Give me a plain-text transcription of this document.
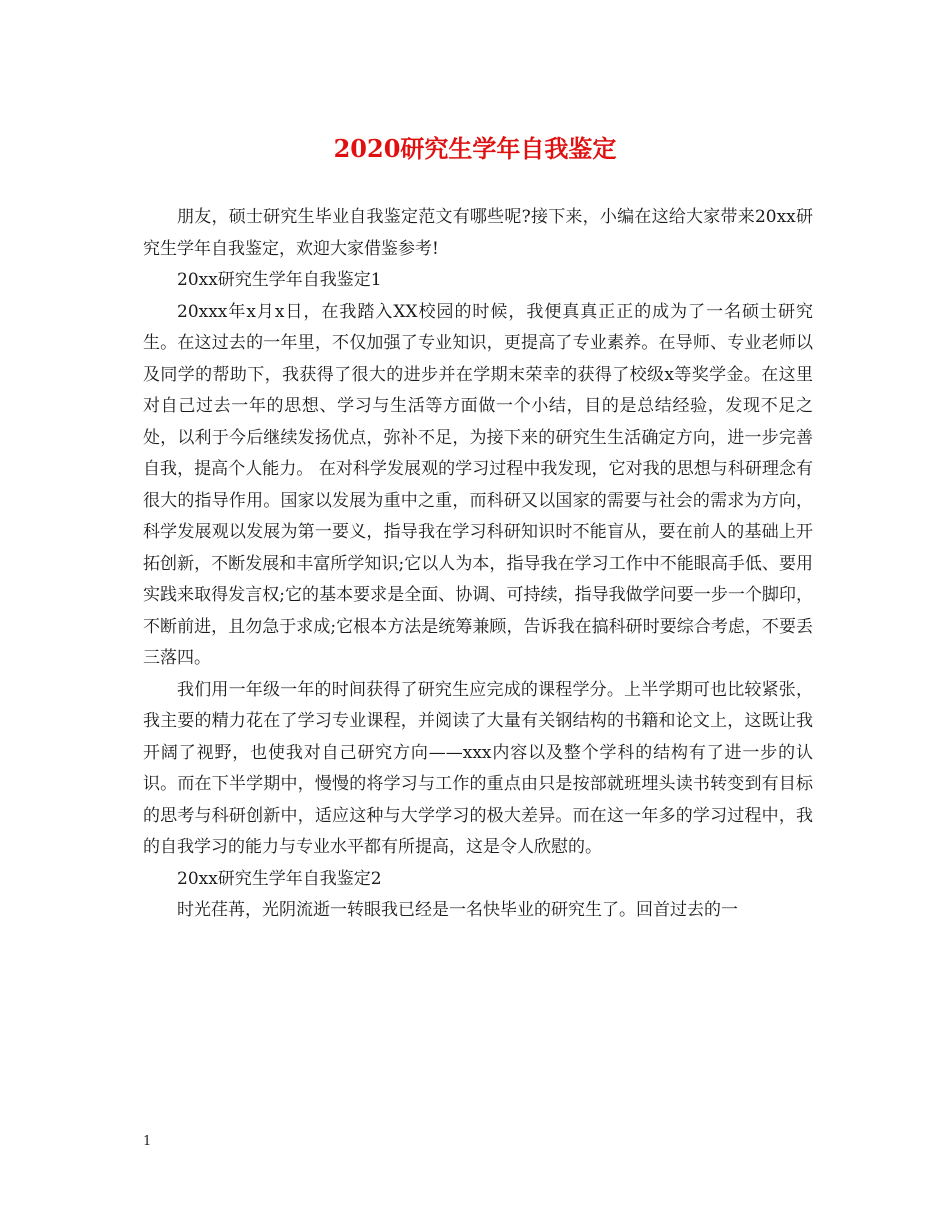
2020研究生学年自我鉴定

朋友，硕士研究生毕业自我鉴定范文有哪些呢?接下来，小编在这给大家带来20xx研究生学年自我鉴定，欢迎大家借鉴参考!

20xx研究生学年自我鉴定1

20xxx年x月x日，在我踏入XX校园的时候，我便真真正正的成为了一名硕士研究生。在这过去的一年里，不仅加强了专业知识，更提高了专业素养。在导师、专业老师以及同学的帮助下，我获得了很大的进步并在学期末荣幸的获得了校级x等奖学金。在这里对自己过去一年的思想、学习与生活等方面做一个小结，目的是总结经验，发现不足之处，以利于今后继续发扬优点，弥补不足，为接下来的研究生生活确定方向，进一步完善自我，提高个人能力。 在对科学发展观的学习过程中我发现，它对我的思想与科研理念有很大的指导作用。国家以发展为重中之重，而科研又以国家的需要与社会的需求为方向，科学发展观以发展为第一要义，指导我在学习科研知识时不能盲从，要在前人的基础上开拓创新，不断发展和丰富所学知识;它以人为本，指导我在学习工作中不能眼高手低、要用实践来取得发言权;它的基本要求是全面、协调、可持续，指导我做学问要一步一个脚印，不断前进，且勿急于求成;它根本方法是统筹兼顾，告诉我在搞科研时要综合考虑，不要丢三落四。

我们用一年级一年的时间获得了研究生应完成的课程学分。上半学期可也比较紧张，我主要的精力花在了学习专业课程，并阅读了大量有关钢结构的书籍和论文上，这既让我开阔了视野，也使我对自己研究方向——xxx内容以及整个学科的结构有了进一步的认识。而在下半学期中，慢慢的将学习与工作的重点由只是按部就班埋头读书转变到有目标的思考与科研创新中，适应这种与大学学习的极大差异。而在这一年多的学习过程中，我的自我学习的能力与专业水平都有所提高，这是令人欣慰的。

20xx研究生学年自我鉴定2

时光荏苒，光阴流逝一转眼我已经是一名快毕业的研究生了。回首过去的一

1
